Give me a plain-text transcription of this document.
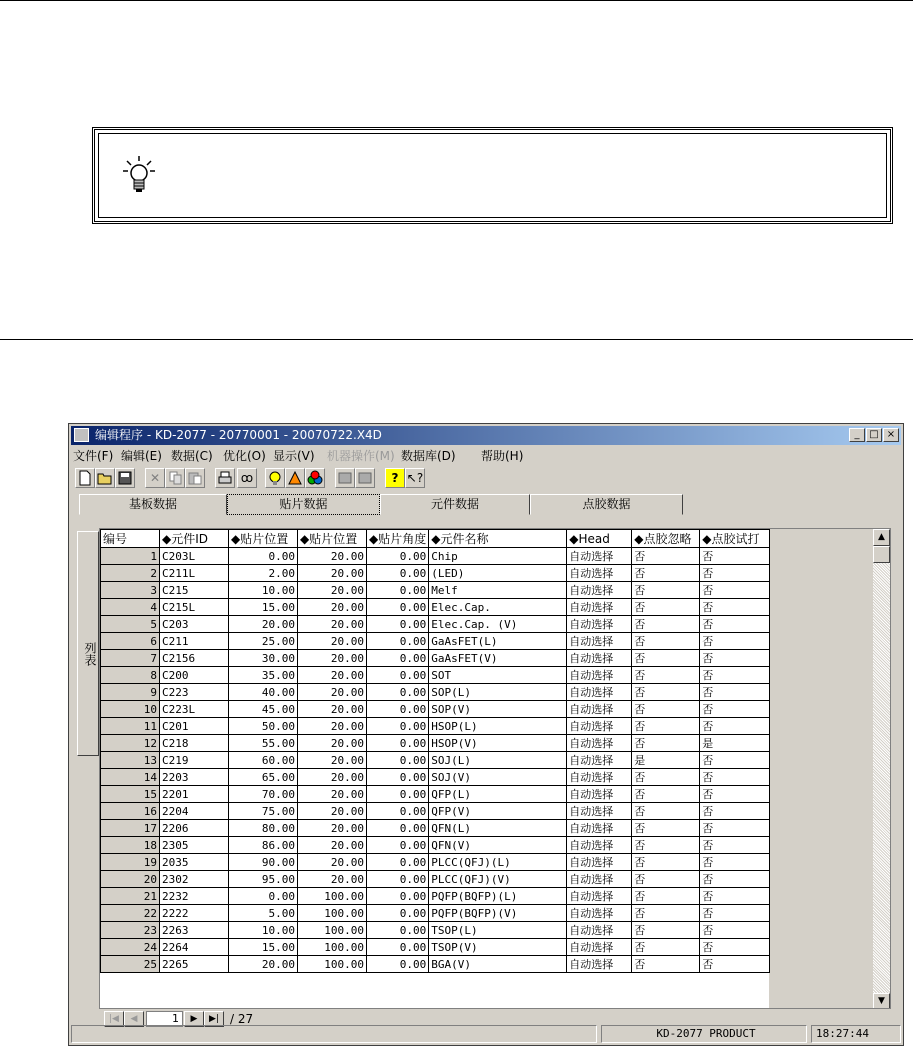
编辑程序 - KD-2077 - 20770001 - 20070722.X4D	_ □ ×
文件(F) 编辑(E) 数据(C) 优化(O) 显示(V) 机器操作(M) 数据库(D) 帮助(H)
✕	ꝏ	? ↖?
基板数据	贴片数据	元件数据	点胶数据
列表
编号	◆元件ID	◆贴片位置	◆贴片位置	◆贴片角度	◆元件名称	◆Head	◆点胶忽略	◆点胶试打
1	C203L	0.00	20.00	0.00	Chip	自动选择	否	否
2	C211L	2.00	20.00	0.00	(LED)	自动选择	否	否
3	C215	10.00	20.00	0.00	Melf	自动选择	否	否
4	C215L	15.00	20.00	0.00	Elec.Cap.	自动选择	否	否
5	C203	20.00	20.00	0.00	Elec.Cap. (V)	自动选择	否	否
6	C211	25.00	20.00	0.00	GaAsFET(L)	自动选择	否	否
7	C2156	30.00	20.00	0.00	GaAsFET(V)	自动选择	否	否
8	C200	35.00	20.00	0.00	SOT	自动选择	否	否
9	C223	40.00	20.00	0.00	SOP(L)	自动选择	否	否
10	C223L	45.00	20.00	0.00	SOP(V)	自动选择	否	否
11	C201	50.00	20.00	0.00	HSOP(L)	自动选择	否	否
12	C218	55.00	20.00	0.00	HSOP(V)	自动选择	否	是
13	C219	60.00	20.00	0.00	SOJ(L)	自动选择	是	否
14	2203	65.00	20.00	0.00	SOJ(V)	自动选择	否	否
15	2201	70.00	20.00	0.00	QFP(L)	自动选择	否	否
16	2204	75.00	20.00	0.00	QFP(V)	自动选择	否	否
17	2206	80.00	20.00	0.00	QFN(L)	自动选择	否	否
18	2305	86.00	20.00	0.00	QFN(V)	自动选择	否	否
19	2035	90.00	20.00	0.00	PLCC(QFJ)(L)	自动选择	否	否
20	2302	95.00	20.00	0.00	PLCC(QFJ)(V)	自动选择	否	否
21	2232	0.00	100.00	0.00	PQFP(BQFP)(L)	自动选择	否	否
22	2222	5.00	100.00	0.00	PQFP(BQFP)(V)	自动选择	否	否
23	2263	10.00	100.00	0.00	TSOP(L)	自动选择	否	否
24	2264	15.00	100.00	0.00	TSOP(V)	自动选择	否	否
25	2265	20.00	100.00	0.00	BGA(V)	自动选择	否	否
▲
▼
|◀	◀	1	▶	▶| / 27
KD-2077 PRODUCT	18:27:44
